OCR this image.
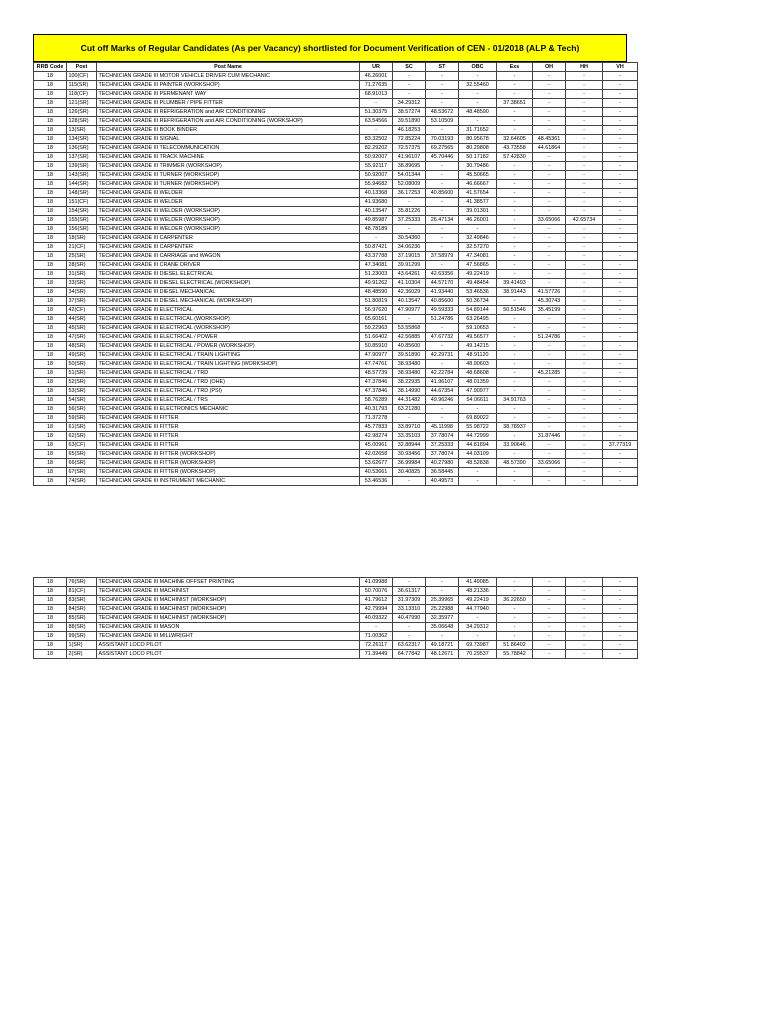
Cut off Marks of Regular Candidates (As per Vacancy) shortlisted for Document Verification of CEN - 01/2018 (ALP & Tech)
RRB Code	Post	Post Name	UR	SC	ST	OBC	Exs	OH	HH	VH
18	100(CF)	TECHNICIAN GRADE III MOTOR VEHICLE DRIVER CUM MECHANIC	46.26001	-	-	-	-	-	-	-
18	115(SR)	TECHNICIAN GRADE III PAINTER (WORKSHOP)	71.27635	-	-	32.55460	-	-	-	-
18	118(CF)	TECHNICIAN GRADE III PERMENANT WAY	68.91013	-	-	-	-	-	-	-
18	121(SR)	TECHNICIAN GRADE III PLUMBER / PIPE FITTER	-	34.29312	-	-	37.38651	-	-	-
18	126(SR)	TECHNICIAN GRADE III REFRIGERATION and AIR CONDITIONING	51.30375	38.57274	48.53672	48.48590	-	-	-	-
18	128(SR)	TECHNICIAN GRADE III REFRIGERATION and AIR CONDITIONING (WORKSHOP)	63.54566	39.51890	53.10509	-	-	-	-	-
18	13(SR)	TECHNICIAN GRADE III BOOK BINDER	-	46.18253	-	31.71652	-	-	-	-
18	134(SR)	TECHNICIAN GRADE III SIGNAL	83.32502	72.85224	70.03193	80.95678	32.64605	48.45361	-	-
18	136(SR)	TECHNICIAN GRADE III TELECOMMUNICATION	82.29202	72.57375	69.27565	80.29808	43.73558	44.61864	-	-
18	137(SR)	TECHNICIAN GRADE III TRACK MACHINE	50.92007	41.96107	45.70446	50.17182	57.42830	-	-	-
18	139(SR)	TECHNICIAN GRADE III TRIMMER (WORKSHOP)	55.92117	38.89695	-	30.79486	-	-	-	-
18	143(SR)	TECHNICIAN GRADE III TURNER (WORKSHOP)	50.92007	54.01344	-	45.50665	-	-	-	-
18	144(SR)	TECHNICIAN GRADE III TURNER (WORKSHOP)	55.94682	52.08009	-	46.66667	-	-	-	-
18	148(SR)	TECHNICIAN GRADE III WELDER	40.13368	36.17253	40.85600	41.57654	-	-	-	-
18	151(CF)	TECHNICIAN GRADE III WELDER	41.93680	-	-	41.38577	-	-	-	-
18	154(SR)	TECHNICIAN GRADE III WELDER (WORKSHOP)	40.13547	35.81226	-	39.01301	-	-	-	-
18	155(SR)	TECHNICIAN GRADE III WELDER (WORKSHOP)	49.85987	37.25333	26.47134	46.26001	-	33.65066	42.65734	-
18	156(SR)	TECHNICIAN GRADE III WELDER (WORKSHOP)	48.78189	-	-	-	-	-	-	-
18	18(SR)	TECHNICIAN GRADE III CARPENTER	-	30.54360	-	32.49846	-	-	-	-
18	21(CF)	TECHNICIAN GRADE III CARPENTER	50.87421	34.06236	-	32.57270	-	-	-	-
18	25(SR)	TECHNICIAN GRADE III CARRIAGE and WAGON	43.37788	37.19015	37.58979	47.34081	-	-	-	-
18	28(SR)	TECHNICIAN GRADE III CRANE DRIVER	47.34081	39.91299	-	47.56865	-	-	-	-
18	31(SR)	TECHNICIAN GRADE III DIESEL ELECTRICAL	51.23003	43.64261	42.63356	49.22419	-	-	-	-
18	33(SR)	TECHNICIAN GRADE III DIESEL ELECTRICAL (WORKSHOP)	49.91262	41.10304	44.57170	49.48454	39.41493	-	-	-
18	34(SR)	TECHNICIAN GRADE III DIESEL MECHANICAL	48.48590	42.36029	41.93440	53.46536	38.91443	41.57726	-	-
18	37(SR)	TECHNICIAN GRADE III DIESEL MECHANICAL (WORKSHOP)	51.80819	40.13547	40.85600	50.36734	-	45.30743	-	-
18	42(CF)	TECHNICIAN GRADE III ELECTRICAL	56.97620	47.90977	49.59333	54.89144	50.51546	35.45199	-	-
18	44(SR)	TECHNICIAN GRADE III ELECTRICAL (WORKSHOP)	65.60161	-	51.24786	63.26495	-	-	-	-
18	45(SR)	TECHNICIAN GRADE III ELECTRICAL (WORKSHOP)	59.22963	53.55868	-	59.10653	-	-	-	-
18	47(SR)	TECHNICIAN GRADE III ELECTRICAL / POWER	51.66402	42.56885	47.67732	49.56577	-	51.24786	-	-
18	48(SR)	TECHNICIAN GRADE III ELECTRICAL / POWER (WORKSHOP)	50.85910	40.85600	-	49.14215	-	-	-	-
18	49(SR)	TECHNICIAN GRADE III ELECTRICAL / TRAIN LIGHTING	47.90977	39.51890	42.29731	48.91120	-	-	-	-
18	50(SR)	TECHNICIAN GRADE III ELECTRICAL / TRAIN LIGHTING (WORKSHOP)	47.74761	38.93480	-	48.90603	-	-	-	-
18	51(SR)	TECHNICIAN GRADE III ELECTRICAL / TRD	48.57739	38.93480	42.22784	48.68608	-	45.21285	-	-
18	52(SR)	TECHNICIAN GRADE III ELECTRICAL / TRD (OHE)	47.37846	38.22935	41.96107	48.01359	-	-	-	-
18	53(SR)	TECHNICIAN GRADE III ELECTRICAL / TRD (PSI)	47.37846	38.14990	44.67354	47.90977	-	-	-	-
18	54(SR)	TECHNICIAN GRADE III ELECTRICAL / TRS	58.76289	44.31482	49.96246	54.06611	34.91763	-	-	-
18	56(SR)	TECHNICIAN GRADE III ELECTRONICS MECHANIC	40.31793	63.21280	-	-	-	-	-	-
18	59(SR)	TECHNICIAN GRADE III FITTER	71.37278	-	-	69.89022	-	-	-	-
18	61(SR)	TECHNICIAN GRADE III FITTER	45.77833	33.89710	45.11998	55.98722	38.78937	-	-	-
18	62(SR)	TECHNICIAN GRADE III FITTER	42.98274	33.35103	37.78074	44.72999	-	31.87446	-	-
18	63(CF)	TECHNICIAN GRADE III FITTER	45.00961	32.88944	37.25333	44.81894	33.90646	-	-	37.77319
18	65(SR)	TECHNICIAN GRADE III FITTER (WORKSHOP)	42.02658	30.93456	37.78074	44.03109	-	-	-	-
18	66(SR)	TECHNICIAN GRADE III FITTER (WORKSHOP)	53.62677	36.99984	40.27980	48.52838	48.57390	33.65066	-	-
18	67(SR)	TECHNICIAN GRADE III FITTER (WORKSHOP)	40.53661	30.40825	36.58445	-	-	-	-	-
18	74(SR)	TECHNICIAN GRADE III INSTRUMENT MECHANIC	53.46536	-	40.49573	-	-	-	-	-
18	76(SR)	TECHNICIAN GRADE III MACHINE OFFSET PRINTING	41.09988	-	-	41.49085	-	-	-	-
18	81(CF)	TECHNICIAN GRADE III MACHINIST	50.70076	36.61317	-	48.21336	-	-	-	-
18	83(SR)	TECHNICIAN GRADE III MACHINIST (WORKSHOP)	41.79612	31.97309	25.39965	49.22419	36.22650	-	-	-
18	84(SR)	TECHNICIAN GRADE III MACHINIST (WORKSHOP)	42.79994	33.13310	25.22988	44.77940	-	-	-	-
18	85(SR)	TECHNICIAN GRADE III MACHINIST (WORKSHOP)	40.09322	40.47990	32.35977	-	-	-	-	-
18	88(SR)	TECHNICIAN GRADE III MASON	-	-	35.06648	34.29312	-	-	-	-
18	99(SR)	TECHNICIAN GRADE III MILLWRIGHT	71.00362	-	-	-	-	-	-	-
18	1(SR)	ASSISTANT LOCO PILOT	72.26117	63.62317	49.18721	69.73987	51.86402	-	-	-
18	2(SR)	ASSISTANT LOCO PILOT	71.39449	64.77842	48.12671	70.29537	55.78842	-	-	-
